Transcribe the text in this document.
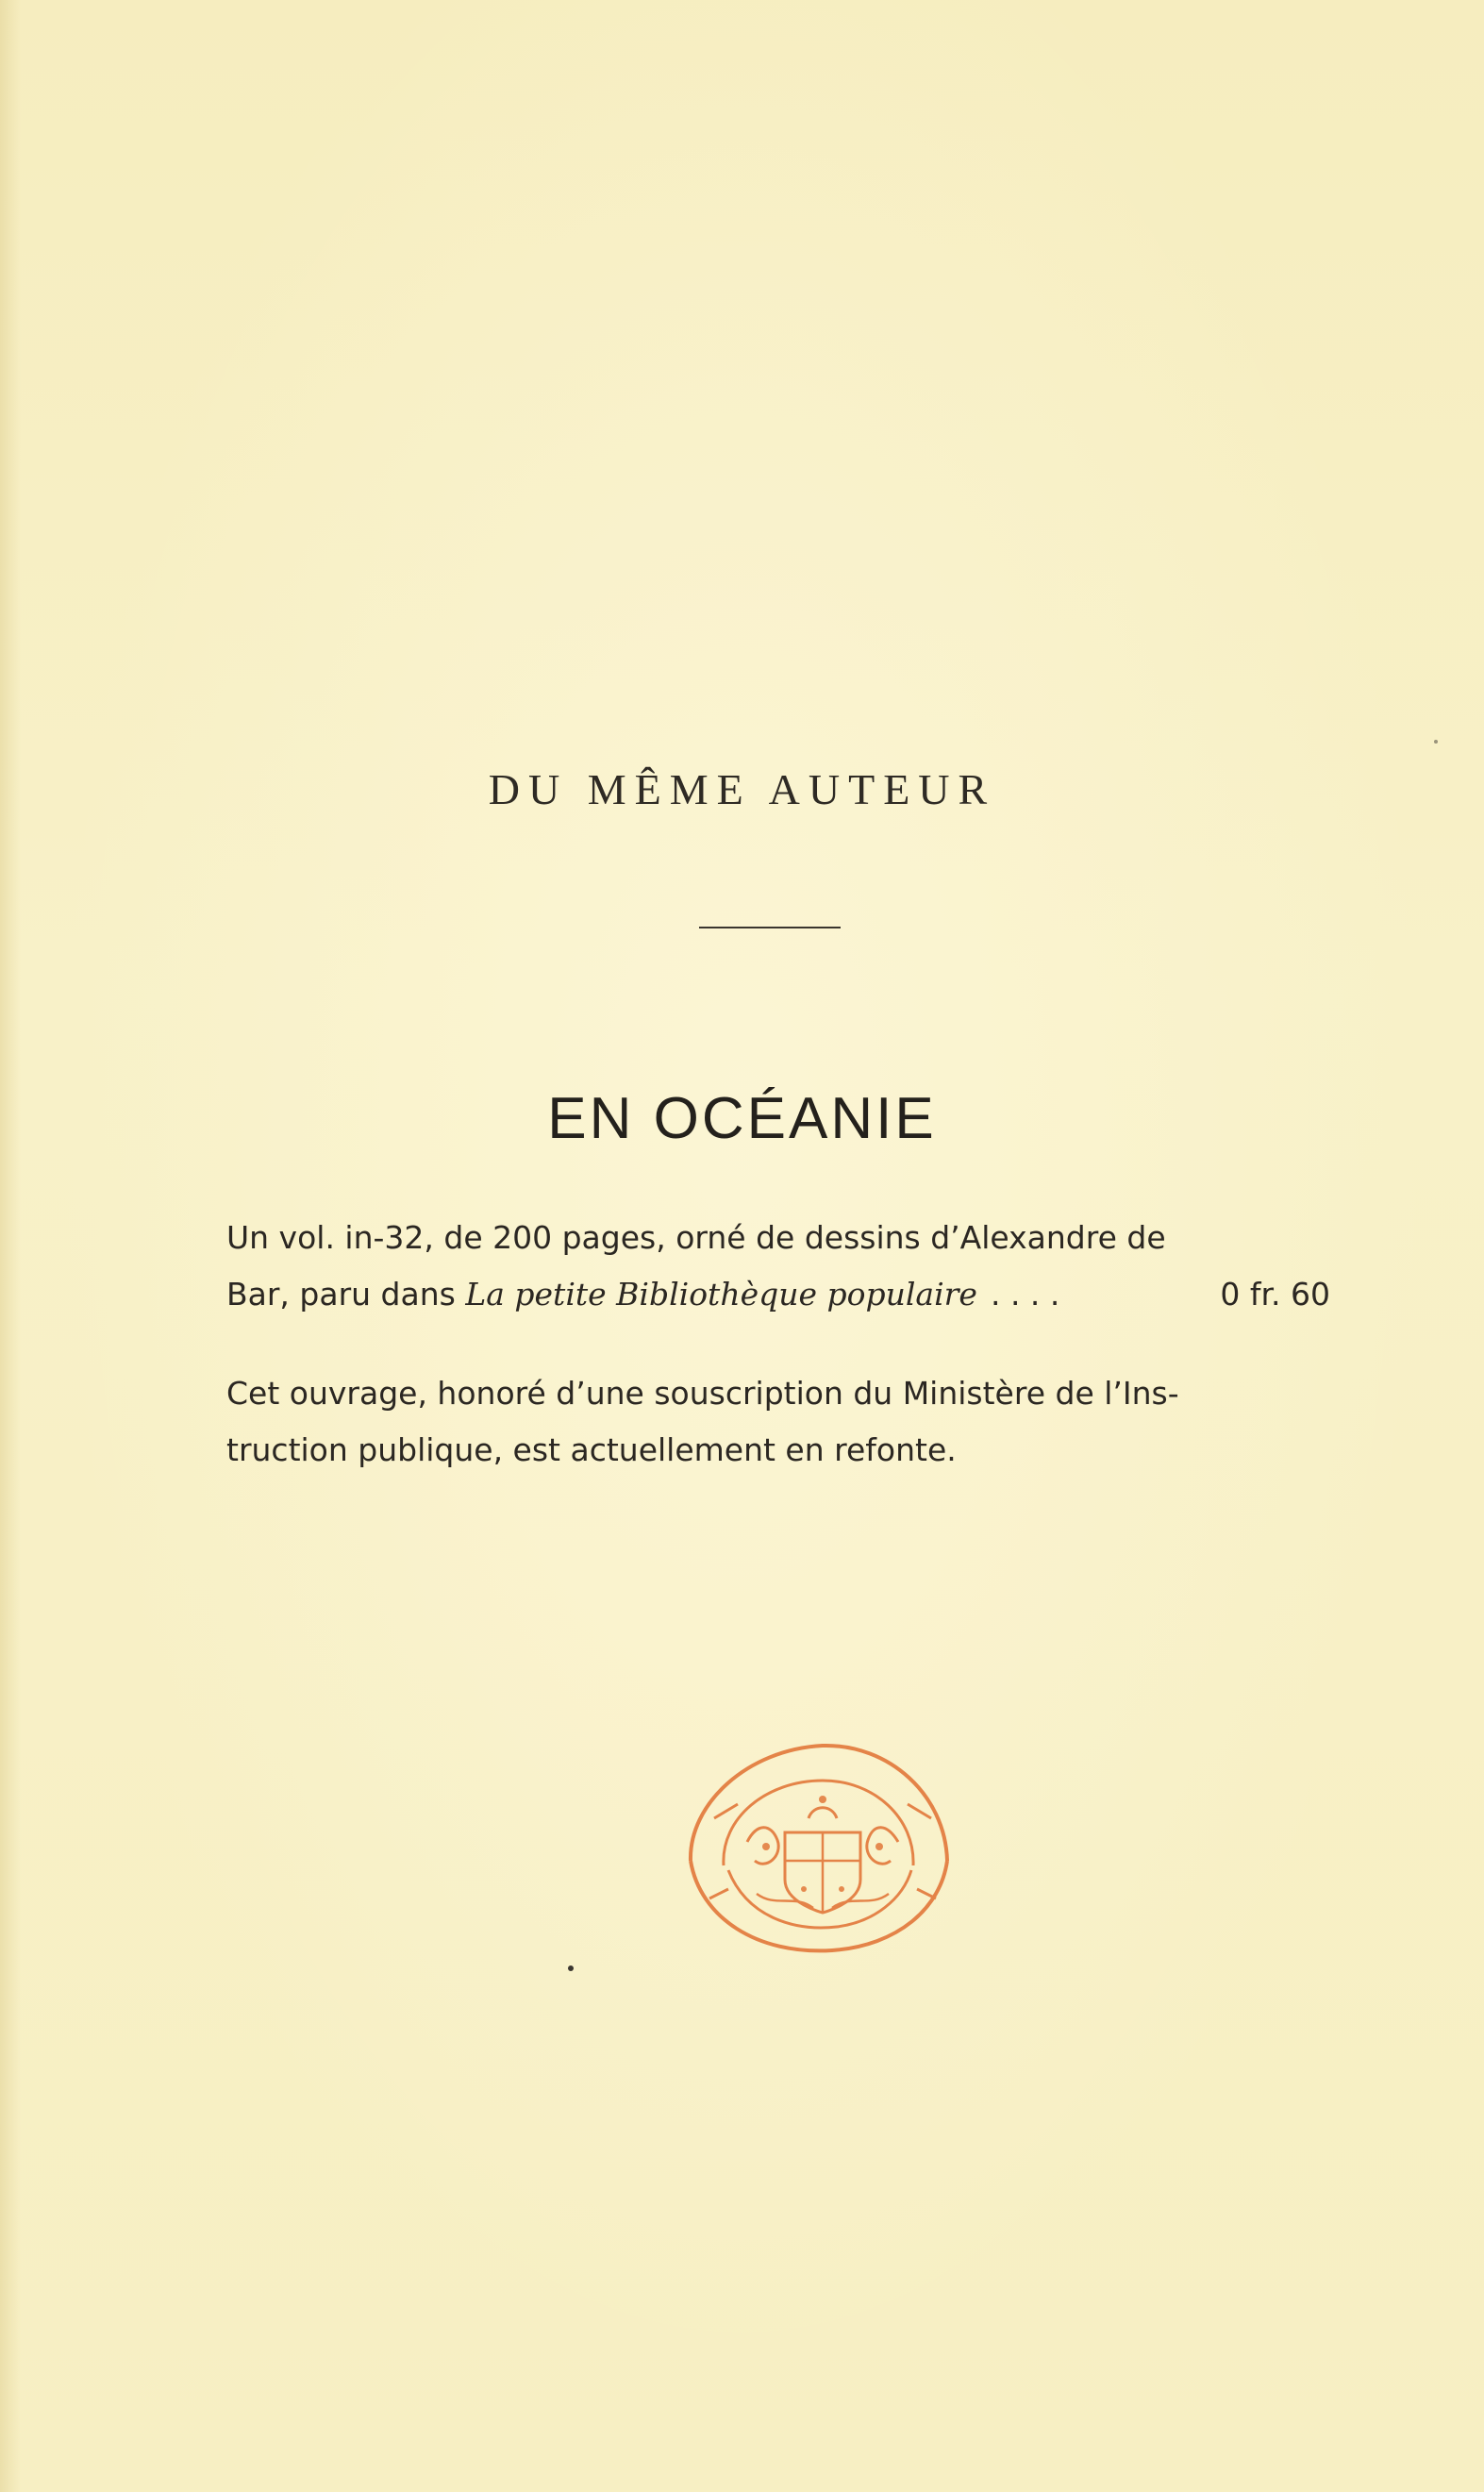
DU MÊME AUTEUR
EN OCÉANIE
Un vol. in-32, de 200 pages, orné de dessins d’Alexandre de
Bar, paru dans La petite Bibliothèque populaire . . . .	0 fr. 60
Cet ouvrage, honoré d’une souscription du Ministère de l’Ins-
truction publique, est actuellement en refonte.
